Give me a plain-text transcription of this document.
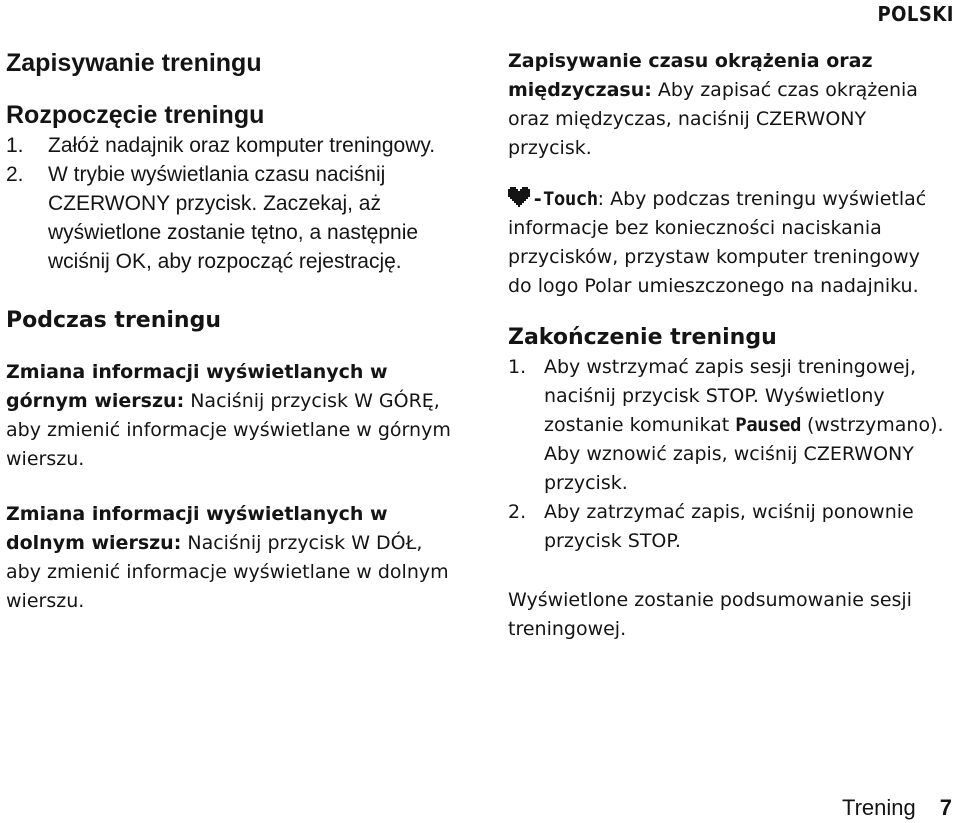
POLSKI
Zapisywanie treningu
Rozpoczęcie treningu
1.	Załóż nadajnik oraz komputer treningowy.
2.	W trybie wyświetlania czasu naciśnij CZERWONY przycisk. Zaczekaj, aż wyświetlone zostanie tętno, a następnie wciśnij OK, aby rozpocząć rejestrację.
Podczas treningu

Zmiana informacji wyświetlanych w górnym wierszu: Naciśnij przycisk W GÓRĘ, aby zmienić informacje wyświetlane w górnym wierszu.

Zmiana informacji wyświetlanych w dolnym wierszu: Naciśnij przycisk W DÓŁ, aby zmienić informacje wyświetlane w dolnym wierszu.

Zapisywanie czasu okrążenia oraz międzyczasu: Aby zapisać czas okrążenia oraz międzyczas, naciśnij CZERWONY przycisk.

-Touch: Aby podczas treningu wyświetlać informacje bez konieczności naciskania przycisków, przystaw komputer treningowy do logo Polar umieszczonego na nadajniku.

Zakończenie treningu
1. Aby wstrzymać zapis sesji treningowej, naciśnij przycisk STOP. Wyświetlony zostanie komunikat Paused (wstrzymano). Aby wznowić zapis, wciśnij CZERWONY przycisk.
2. Aby zatrzymać zapis, wciśnij ponownie przycisk STOP.

Wyświetlone zostanie podsumowanie sesji treningowej.

Trening 7
